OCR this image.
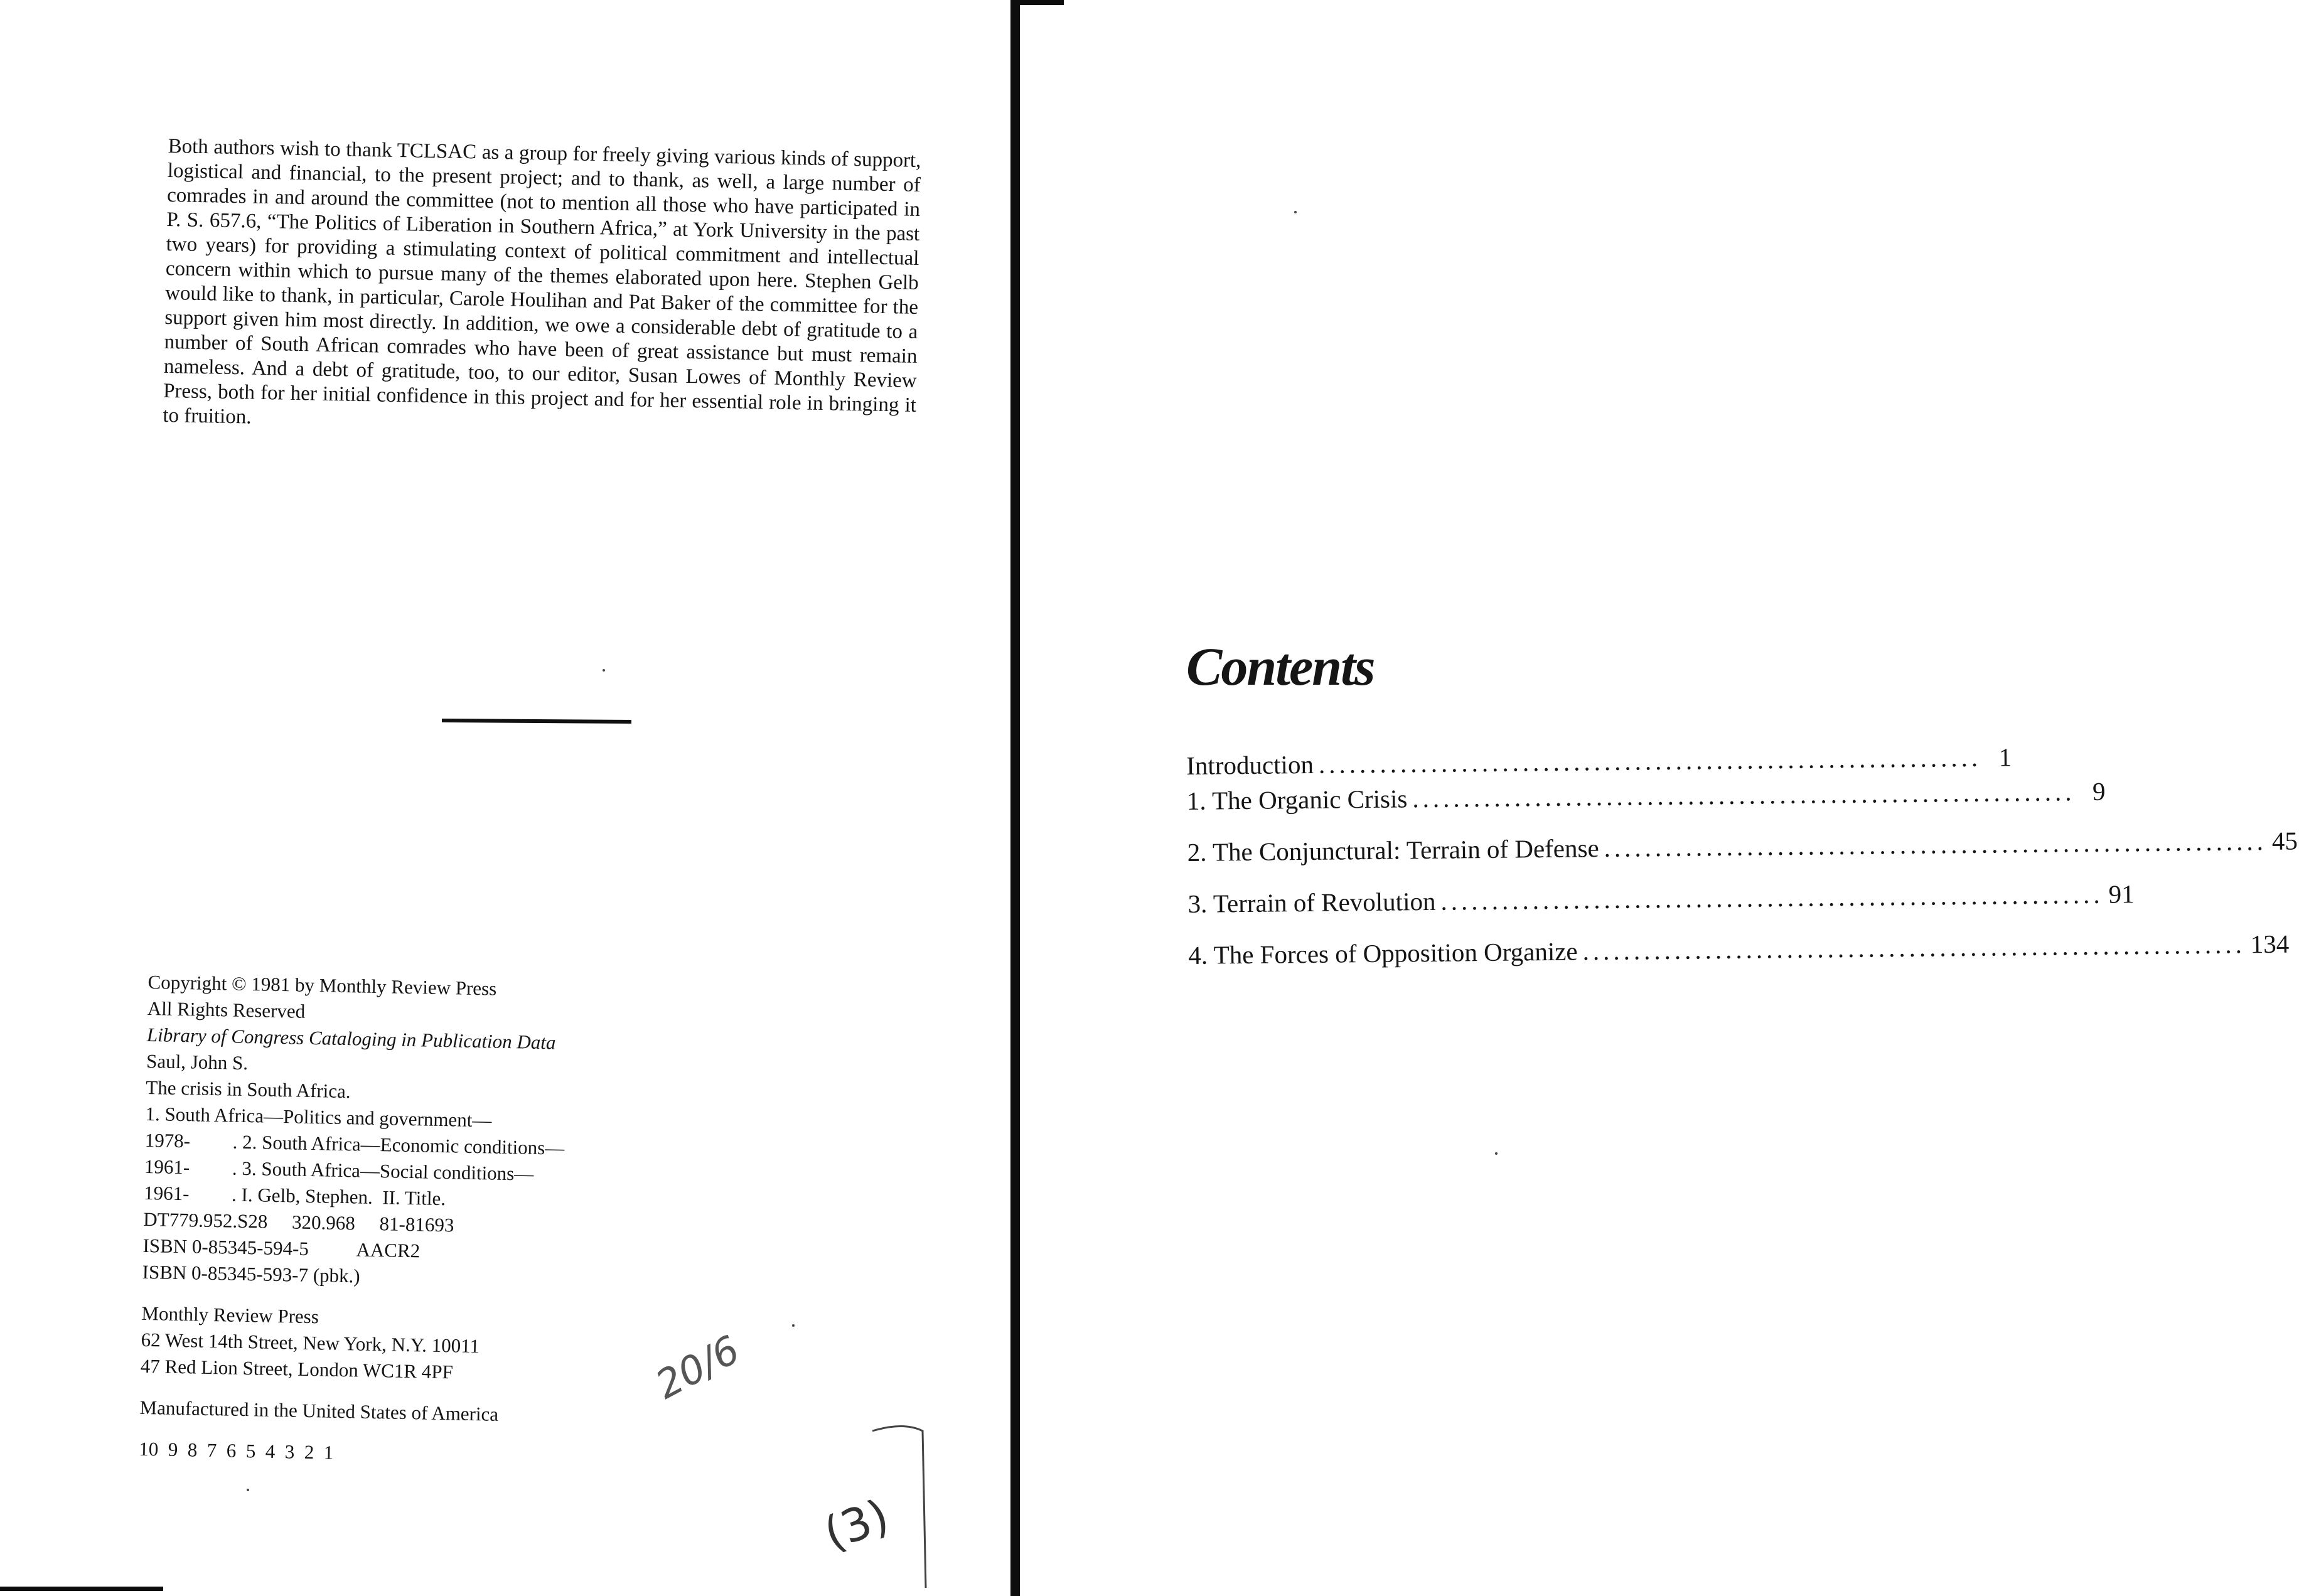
Both authors wish to thank TCLSAC as a group for freely giving various kinds of support, logistical and financial, to the present project; and to thank, as well, a large number of comrades in and around the committee (not to mention all those who have participated in P. S. 657.6, “The Politics of Liberation in Southern Africa,” at York University in the past two years) for providing a stimulating context of political commitment and intellectual concern within which to pursue many of the themes elaborated upon here. Stephen Gelb would like to thank, in particular, Carole Houlihan and Pat Baker of the committee for the support given him most directly. In addition, we owe a considerable debt of gratitude to a number of South African comrades who have been of great assistance but must remain nameless. And a debt of gratitude, too, to our editor, Susan Lowes of Monthly Review Press, both for her initial confidence in this project and for her essential role in bringing it to fruition.
Copyright © 1981 by Monthly Review Press
All Rights Reserved
Library of Congress Cataloging in Publication Data
Saul, John S.
The crisis in South Africa.
1. South Africa—Politics and government—
1978- . 2. South Africa—Economic conditions—
1961- . 3. South Africa—Social conditions—
1961- . I. Gelb, Stephen.  II. Title.
DT779.952.S28     320.968     81-81693
ISBN 0-85345-594-5          AACR2
ISBN 0-85345-593-7 (pbk.)
Monthly Review Press
62 West 14th Street, New York, N.Y. 10011
47 Red Lion Street, London WC1R 4PF
Manufactured in the United States of America
10  9  8  7  6  5  4  3  2  1
20/6
(3)
Contents
Introduction ................................................................. 1
1. The Organic Crisis ................................................................. 9
2. The Conjunctural: Terrain of Defense ................................................................. 45
3. Terrain of Revolution ................................................................. 91
4. The Forces of Opposition Organize ................................................................. 134
